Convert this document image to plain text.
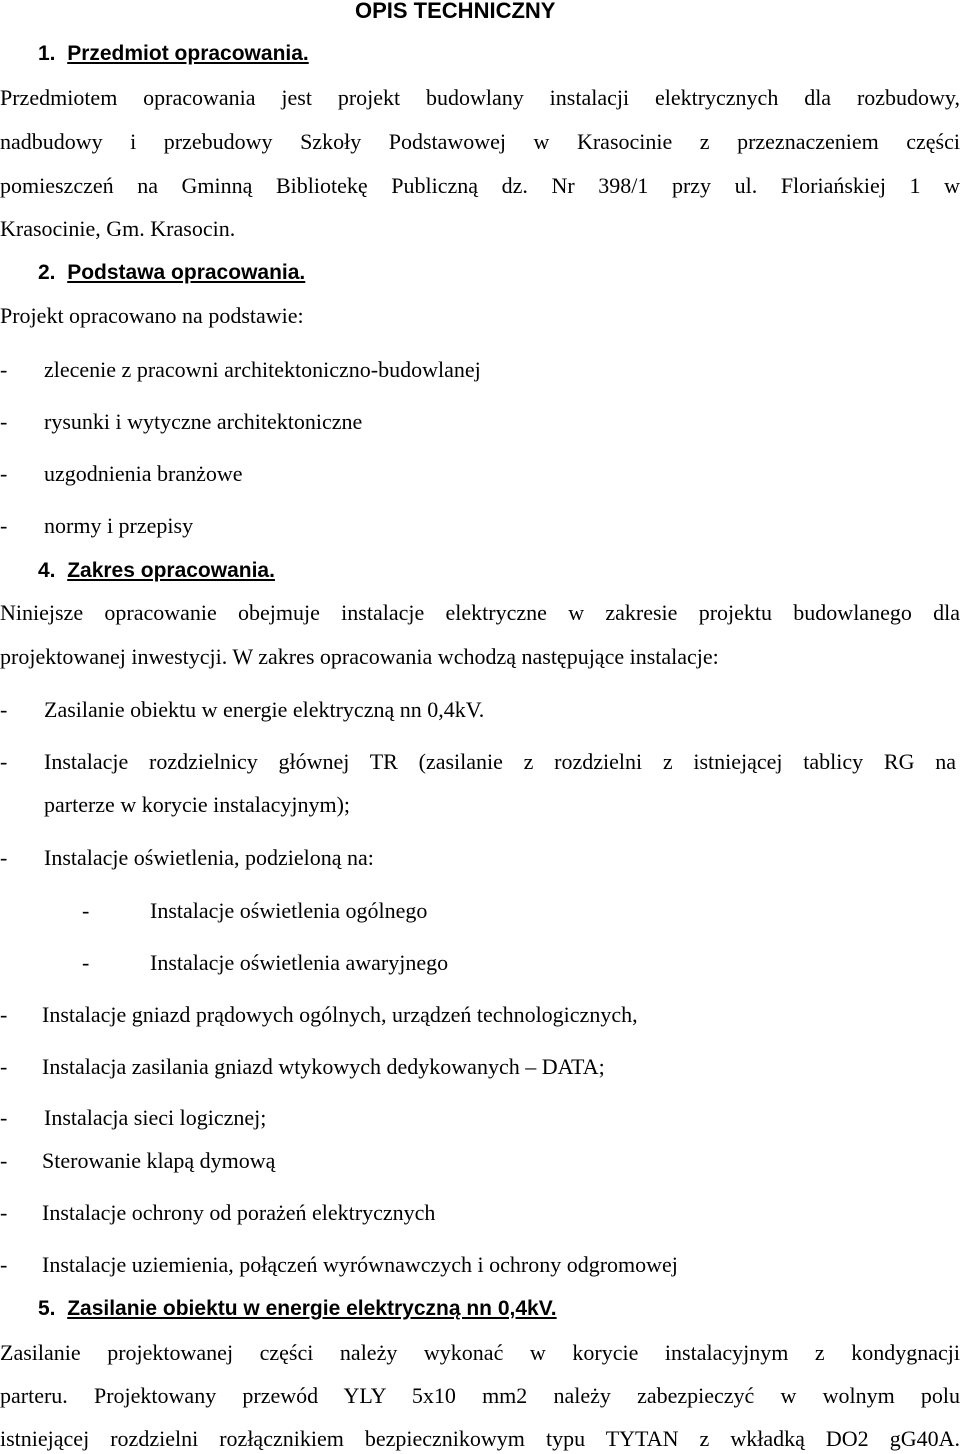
OPIS TECHNICZNY
1. Przedmiot opracowania.
Przedmiotem opracowania jest projekt budowlany instalacji elektrycznych dla rozbudowy,
nadbudowy i przebudowy Szkoły Podstawowej w Krasocinie z przeznaczeniem części
pomieszczeń na Gminną Bibliotekę Publiczną dz. Nr 398/1 przy ul. Floriańskiej 1 w
Krasocinie, Gm. Krasocin.
2. Podstawa opracowania.
Projekt opracowano na podstawie:
- zlecenie z pracowni architektoniczno-budowlanej
- rysunki i wytyczne architektoniczne
- uzgodnienia branżowe
- normy i przepisy
4. Zakres opracowania.
Niniejsze opracowanie obejmuje instalacje elektryczne w zakresie projektu budowlanego dla
projektowanej inwestycji. W zakres opracowania wchodzą następujące instalacje:
- Zasilanie obiektu w energie elektryczną nn 0,4kV.
- Instalacje rozdzielnicy głównej TR (zasilanie z rozdzielni z istniejącej tablicy RG na
parterze w korycie instalacyjnym);
- Instalacje oświetlenia, podzieloną na:
-	Instalacje oświetlenia ogólnego
-	Instalacje oświetlenia awaryjnego
- Instalacje gniazd prądowych ogólnych, urządzeń technologicznych,
- Instalacja zasilania gniazd wtykowych dedykowanych – DATA;
- Instalacja sieci logicznej;
- Sterowanie klapą dymową
- Instalacje ochrony od porażeń elektrycznych
- Instalacje uziemienia, połączeń wyrównawczych i ochrony odgromowej
5. Zasilanie obiektu w energie elektryczną nn 0,4kV.
Zasilanie projektowanej części należy wykonać w korycie instalacyjnym z kondygnacji
parteru. Projektowany przewód YLY 5x10 mm2 należy zabezpieczyć w wolnym polu
istniejącej rozdzielni rozłącznikiem bezpiecznikowym typu TYTAN z wkładką DO2 gG40A.
